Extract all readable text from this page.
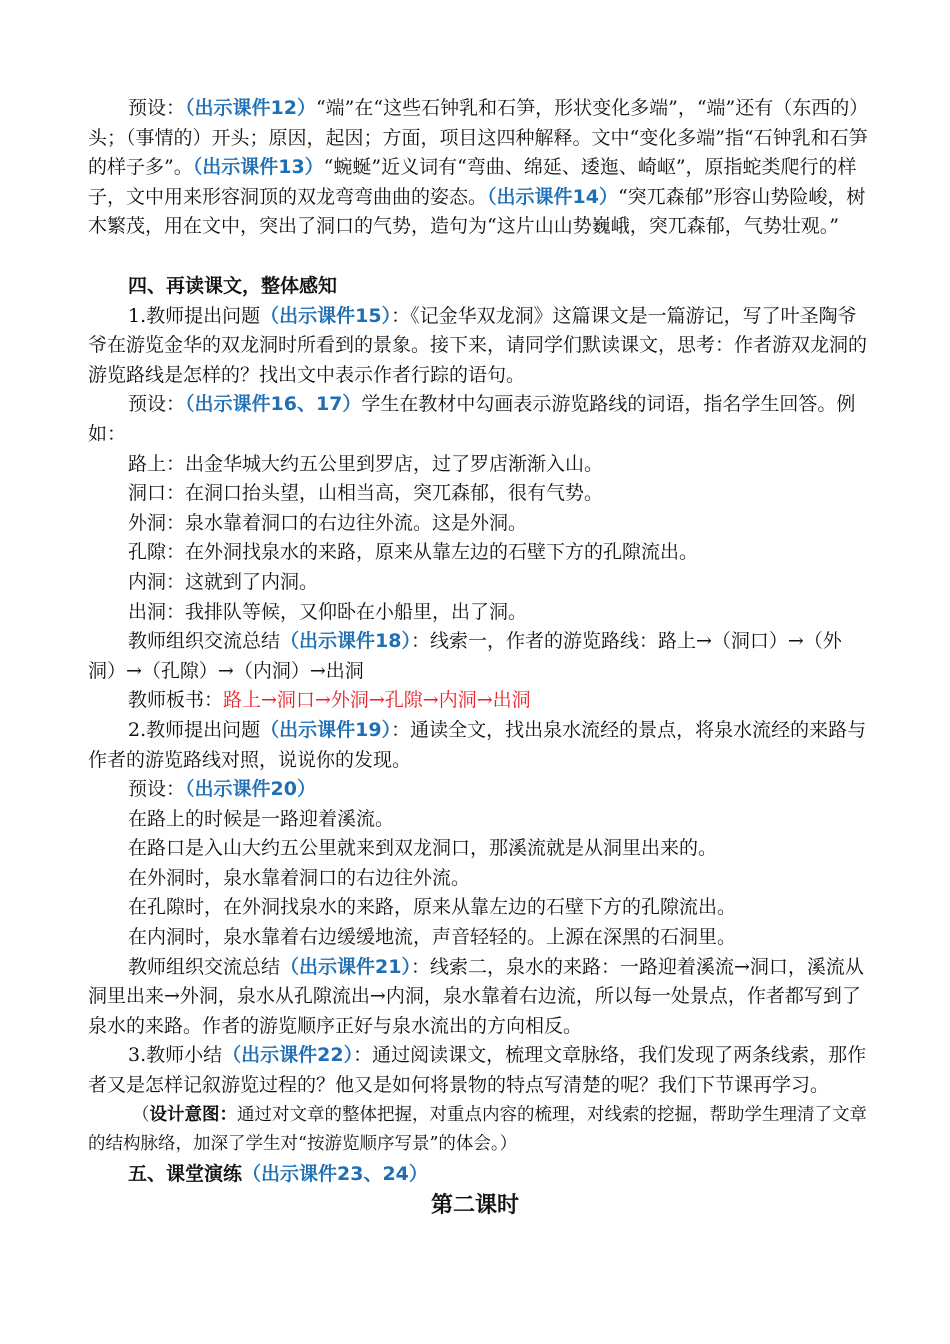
预设：（出示课件12）“端”在“这些石钟乳和石笋，形状变化多端”，“端”还有（东西的）头；（事情的）开头；原因，起因；方面，项目这四种解释。文中“变化多端”指“石钟乳和石笋的样子多”。（出示课件13）“蜿蜒”近义词有“弯曲、绵延、逶迤、崎岖”，原指蛇类爬行的样子，文中用来形容洞顶的双龙弯弯曲曲的姿态。（出示课件14）“突兀森郁”形容山势险峻，树木繁茂，用在文中，突出了洞口的气势，造句为“这片山山势巍峨，突兀森郁，气势壮观。”

四、再读课文，整体感知

1.教师提出问题（出示课件15）：《记金华双龙洞》这篇课文是一篇游记，写了叶圣陶爷爷在游览金华的双龙洞时所看到的景象。接下来，请同学们默读课文，思考：作者游双龙洞的游览路线是怎样的？找出文中表示作者行踪的语句。

预设：（出示课件16、17）学生在教材中勾画表示游览路线的词语，指名学生回答。例如：

路上：出金华城大约五公里到罗店，过了罗店渐渐入山。

洞口：在洞口抬头望，山相当高，突兀森郁，很有气势。

外洞：泉水靠着洞口的右边往外流。这是外洞。

孔隙：在外洞找泉水的来路，原来从靠左边的石壁下方的孔隙流出。

内洞：这就到了内洞。

出洞：我排队等候，又仰卧在小船里，出了洞。

教师组织交流总结（出示课件18）：线索一，作者的游览路线：路上→（洞口）→（外洞）→（孔隙）→（内洞）→出洞

教师板书：路上→洞口→外洞→孔隙→内洞→出洞

2.教师提出问题（出示课件19）：通读全文，找出泉水流经的景点，将泉水流经的来路与作者的游览路线对照，说说你的发现。

预设：（出示课件20）

在路上的时候是一路迎着溪流。

在路口是入山大约五公里就来到双龙洞口，那溪流就是从洞里出来的。

在外洞时，泉水靠着洞口的右边往外流。

在孔隙时，在外洞找泉水的来路，原来从靠左边的石壁下方的孔隙流出。

在内洞时，泉水靠着右边缓缓地流，声音轻轻的。上源在深黑的石洞里。

教师组织交流总结（出示课件21）：线索二，泉水的来路：一路迎着溪流→洞口，溪流从洞里出来→外洞，泉水从孔隙流出→内洞，泉水靠着右边流，所以每一处景点，作者都写到了泉水的来路。作者的游览顺序正好与泉水流出的方向相反。

3.教师小结（出示课件22）：通过阅读课文，梳理文章脉络，我们发现了两条线索，那作者又是怎样记叙游览过程的？他又是如何将景物的特点写清楚的呢？我们下节课再学习。

（设计意图：通过对文章的整体把握，对重点内容的梳理，对线索的挖掘，帮助学生理清了文章的结构脉络，加深了学生对“按游览顺序写景”的体会。）

五、课堂演练（出示课件23、24）

第二课时
